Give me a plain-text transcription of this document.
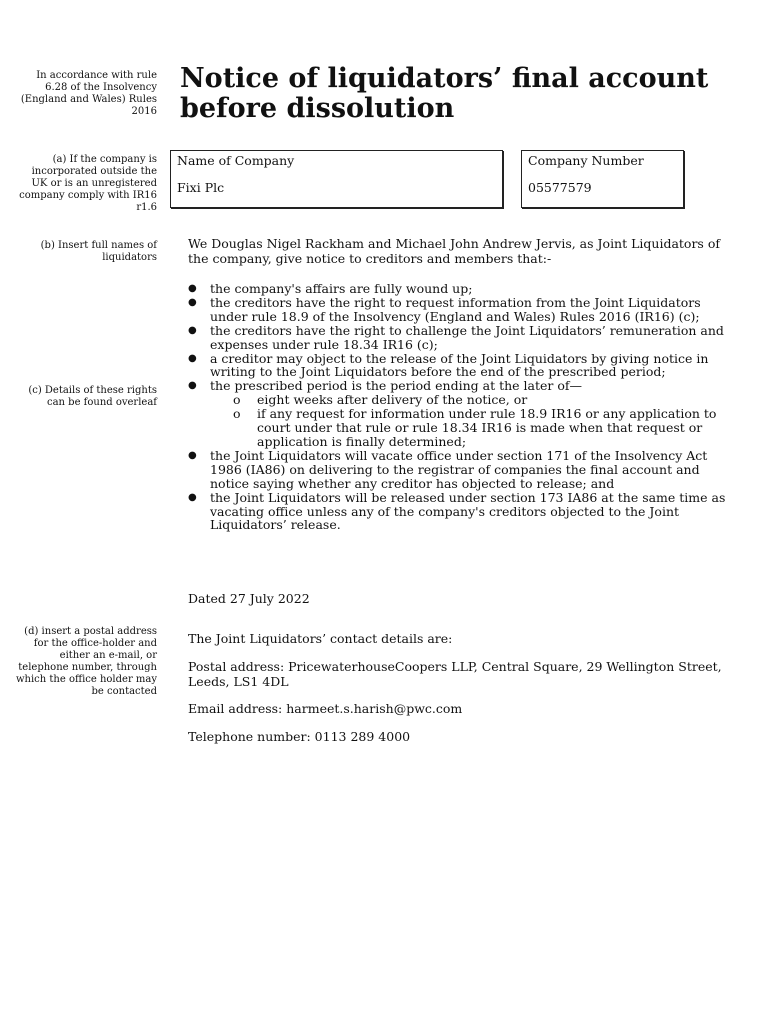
In accordance with rule 6.28 of the Insolvency (England and Wales) Rules 2016
(a) If the company is incorporated outside the UK or is an unregistered company comply with IR16 r1.6
(b) Insert full names of liquidators
(c) Details of these rights can be found overleaf
(d) insert a postal address for the office-holder and either an e-mail, or telephone number, through which the office holder may be contacted
Notice of liquidators’ final account before dissolution
Name of Company
Fixi Plc
Company Number
05577579

We Douglas Nigel Rackham and Michael John Andrew Jervis, as Joint Liquidators of the company, give notice to creditors and members that:-

● the company's affairs are fully wound up;
● the creditors have the right to request information from the Joint Liquidators under rule 18.9 of the Insolvency (England and Wales) Rules 2016 (IR16) (c);
● the creditors have the right to challenge the Joint Liquidators’ remuneration and expenses under rule 18.34 IR16 (c);
● a creditor may object to the release of the Joint Liquidators by giving notice in writing to the Joint Liquidators before the end of the prescribed period;
● the prescribed period is the period ending at the later of—
o eight weeks after delivery of the notice, or
o if any request for information under rule 18.9 IR16 or any application to court under that rule or rule 18.34 IR16 is made when that request or application is finally determined;
● the Joint Liquidators will vacate office under section 171 of the Insolvency Act 1986 (IA86) on delivering to the registrar of companies the final account and notice saying whether any creditor has objected to release; and
● the Joint Liquidators will be released under section 173 IA86 at the same time as vacating office unless any of the company's creditors objected to the Joint Liquidators’ release.

Dated 27 July 2022

The Joint Liquidators’ contact details are:

Postal address: PricewaterhouseCoopers LLP, Central Square, 29 Wellington Street, Leeds, LS1 4DL

Email address: harmeet.s.harish@pwc.com

Telephone number: 0113 289 4000
